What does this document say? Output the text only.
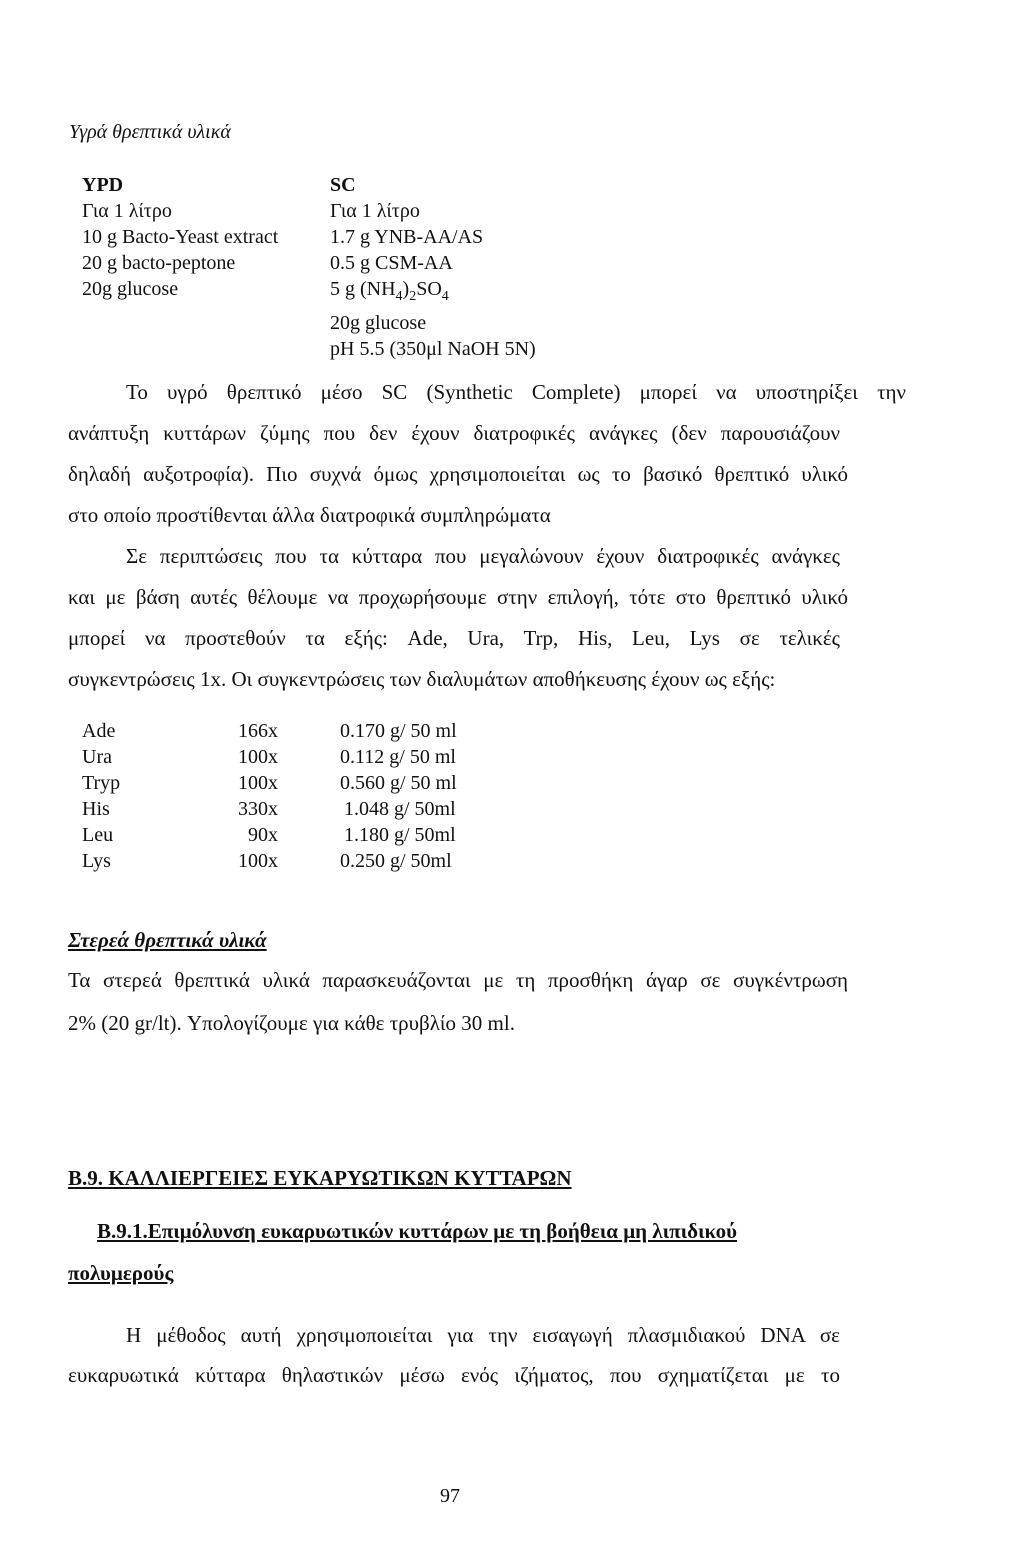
Υγρά θρεπτικά υλικά
YPD
Για 1 λίτρο
10 g Bacto-Yeast extract
20 g bacto-peptone
20g glucose
SC
Για 1 λίτρο
1.7 g YNB-AA/AS
0.5 g CSM-AA
5 g $(NH_4)_2SO_4$
20g glucose
pH 5.5 (350μl NaOH 5N)
Το υγρό θρεπτικό μέσο SC (Synthetic Complete) μπορεί να υποστηρίξει την
ανάπτυξη κυττάρων ζύμης που δεν έχουν διατροφικές ανάγκες (δεν παρουσιάζουν
δηλαδή αυξοτροφία). Πιο συχνά όμως χρησιμοποιείται ως το βασικό θρεπτικό υλικό
στο οποίο προστίθενται άλλα διατροφικά συμπληρώματα
Σε περιπτώσεις που τα κύτταρα που μεγαλώνουν έχουν διατροφικές ανάγκες
και με βάση αυτές θέλουμε να προχωρήσουμε στην επιλογή, τότε στο θρεπτικό υλικό
μπορεί να προστεθούν τα εξής: Ade, Ura, Trp, His, Leu, Lys σε τελικές
συγκεντρώσεις 1x. Οι συγκεντρώσεις των διαλυμάτων αποθήκευσης έχουν ως εξής:
Ade
Ura
Tryp
His
Leu
Lys
166x
100x
100x
330x
90x
100x
0.170 g/ 50 ml
0.112 g/ 50 ml
0.560 g/ 50 ml
1.048 g/ 50ml
1.180 g/ 50ml
0.250 g/ 50ml
Στερεά θρεπτικά υλικά
Τα στερεά θρεπτικά υλικά παρασκευάζονται με τη προσθήκη άγαρ σε συγκέντρωση
2% (20 gr/lt). Υπολογίζουμε για κάθε τρυβλίο 30 ml.
B.9. ΚΑΛΛΙΕΡΓΕΙΕΣ ΕΥΚΑΡΥΩΤΙΚΩΝ ΚΥΤΤΑΡΩΝ
B.9.1.Επιμόλυνση ευκαρυωτικών κυττάρων με τη βοήθεια μη λιπιδικού
πολυμερούς
Η μέθοδος αυτή χρησιμοποιείται για την εισαγωγή πλασμιδιακού DNA σε
ευκαρυωτικά κύτταρα θηλαστικών μέσω ενός ιζήματος, που σχηματίζεται με το
97
